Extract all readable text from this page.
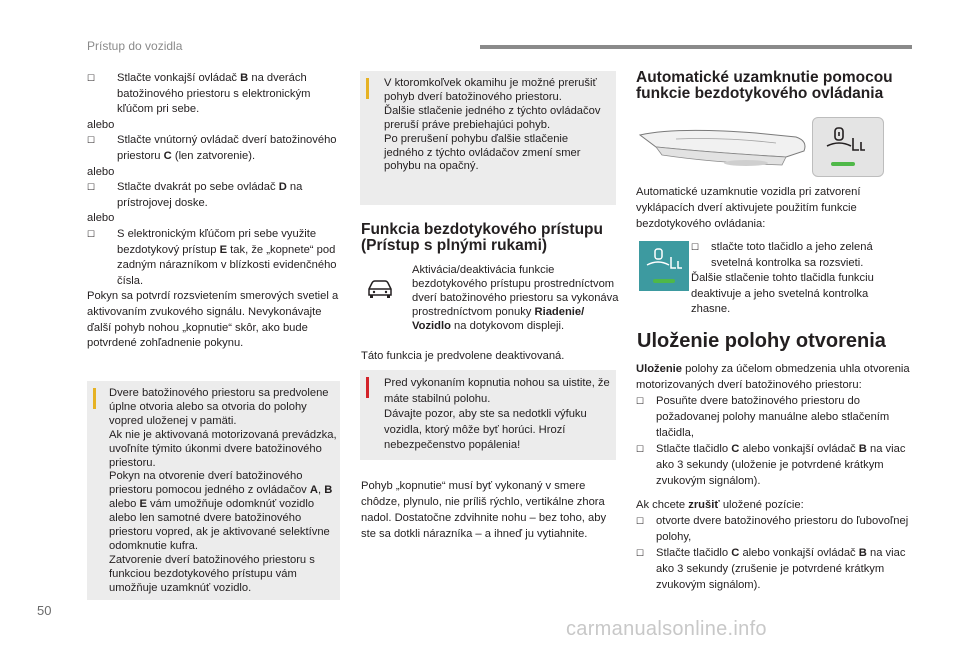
Prístup do vozidla

☐ Stlačte vonkajší ovládač B na dverách batožinového priestoru s elektronickým kľúčom pri sebe.

alebo

☐ Stlačte vnútorný ovládač dverí batožinového priestoru C (len zatvorenie).

alebo

☐ Stlačte dvakrát po sebe ovládač D na prístrojovej doske.

alebo

☐ S elektronickým kľúčom pri sebe využite bezdotykový prístup E tak, že „kopnete“ pod zadným nárazníkom v blízkosti evidenčného čísla.

Pokyn sa potvrdí rozsvietením smerových svetiel a aktivovaním zvukového signálu. Nevykonávajte ďalší pohyb nohou „kopnutie“ skôr, ako bude potvrdené zohľadnenie pokynu.

Dvere batožinového priestoru sa predvolene úplne otvoria alebo sa otvoria do polohy vopred uloženej v pamäti.

Ak nie je aktivovaná motorizovaná prevádzka, uvoľníte týmito úkonmi dvere batožinového priestoru.

Pokyn na otvorenie dverí batožinového priestoru pomocou jedného z ovládačov A, B alebo E vám umožňuje odomknúť vozidlo alebo len samotné dvere batožinového priestoru vopred, ak je aktivované selektívne odomknutie kufra.

Zatvorenie dverí batožinového priestoru s funkciou bezdotykového prístupu vám umožňuje uzamknúť vozidlo.

V ktoromkoľvek okamihu je možné prerušiť pohyb dverí batožinového priestoru.

Ďalšie stlačenie jedného z týchto ovládačov preruší práve prebiehajúci pohyb.

Po prerušení pohybu ďalšie stlačenie jedného z týchto ovládačov zmení smer pohybu na opačný.

Funkcia bezdotykového prístupu (Prístup s plnými rukami)
Aktivácia/deaktivácia funkcie bezdotykového prístupu prostredníctvom dverí batožinového priestoru sa vykonáva prostredníctvom ponuky Riadenie/ Vozidlo na dotykovom displeji.
Táto funkcia je predvolene deaktivovaná.

Pred vykonaním kopnutia nohou sa uistite, že máte stabilnú polohu.

Dávajte pozor, aby ste sa nedotkli výfuku vozidla, ktorý môže byť horúci. Hrozí nebezpečenstvo popálenia!

Pohyb „kopnutie“ musí byť vykonaný v smere chôdze, plynulo, nie príliš rýchlo, vertikálne zhora nadol. Dostatočne zdvihnite nohu – bez toho, aby ste sa dotkli nárazníka – a ihneď ju vytiahnite.
Automatické uzamknutie pomocou funkcie bezdotykového ovládania
Automatické uzamknutie vozidla pri zatvorení vyklápacích dverí aktivujete použitím funkcie bezdotykového ovládania:

☐ stlačte toto tlačidlo a jeho zelená svetelná kontrolka sa rozsvieti.

Ďalšie stlačenie tohto tlačidla funkciu deaktivuje a jeho svetelná kontrolka zhasne.

Uloženie polohy otvorenia

Uloženie polohy za účelom obmedzenia uhla otvorenia motorizovaných dverí batožinového priestoru:

☐ Posuňte dvere batožinového priestoru do požadovanej polohy manuálne alebo stlačením tlačidla,

☐ Stlačte tlačidlo C alebo vonkajší ovládač B na viac ako 3 sekundy (uloženie je potvrdené krátkym zvukovým signálom).

Ak chcete zrušiť uložené pozície:

☐ otvorte dvere batožinového priestoru do ľubovoľnej polohy,

☐ Stlačte tlačidlo C alebo vonkajší ovládač B na viac ako 3 sekundy (zrušenie je potvrdené krátkym zvukovým signálom).

50
carmanualsonline.info
